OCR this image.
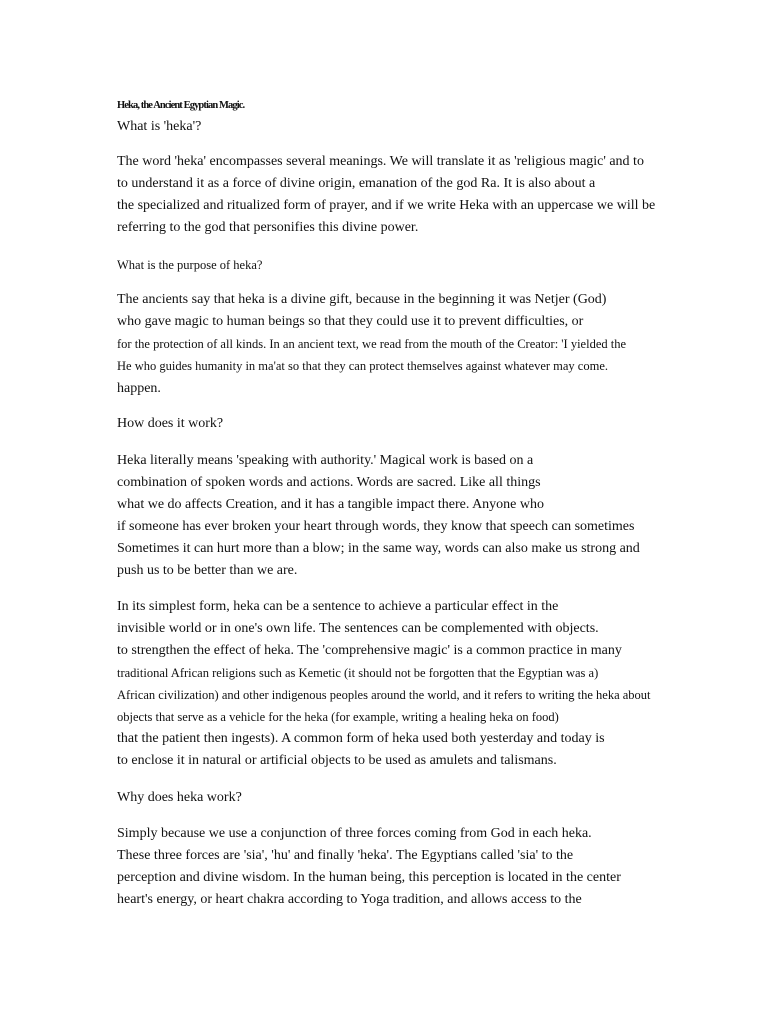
Heka, the Ancient Egyptian Magic.
What is 'heka'?
The word 'heka' encompasses several meanings. We will translate it as 'religious magic' and to
to understand it as a force of divine origin, emanation of the god Ra. It is also about a
the specialized and ritualized form of prayer, and if we write Heka with an uppercase we will be
referring to the god that personifies this divine power.
What is the purpose of heka?
The ancients say that heka is a divine gift, because in the beginning it was Netjer (God)
who gave magic to human beings so that they could use it to prevent difficulties, or
for the protection of all kinds. In an ancient text, we read from the mouth of the Creator: 'I yielded the
He who guides humanity in ma'at so that they can protect themselves against whatever may come.
happen.
How does it work?
Heka literally means 'speaking with authority.' Magical work is based on a
combination of spoken words and actions. Words are sacred. Like all things
what we do affects Creation, and it has a tangible impact there. Anyone who
if someone has ever broken your heart through words, they know that speech can sometimes
Sometimes it can hurt more than a blow; in the same way, words can also make us strong and
push us to be better than we are.
In its simplest form, heka can be a sentence to achieve a particular effect in the
invisible world or in one's own life. The sentences can be complemented with objects.
to strengthen the effect of heka. The 'comprehensive magic' is a common practice in many
traditional African religions such as Kemetic (it should not be forgotten that the Egyptian was a)
African civilization) and other indigenous peoples around the world, and it refers to writing the heka about
objects that serve as a vehicle for the heka (for example, writing a healing heka on food)
that the patient then ingests). A common form of heka used both yesterday and today is
to enclose it in natural or artificial objects to be used as amulets and talismans.
Why does heka work?
Simply because we use a conjunction of three forces coming from God in each heka.
These three forces are 'sia', 'hu' and finally 'heka'. The Egyptians called 'sia' to the
perception and divine wisdom. In the human being, this perception is located in the center
heart's energy, or heart chakra according to Yoga tradition, and allows access to the
